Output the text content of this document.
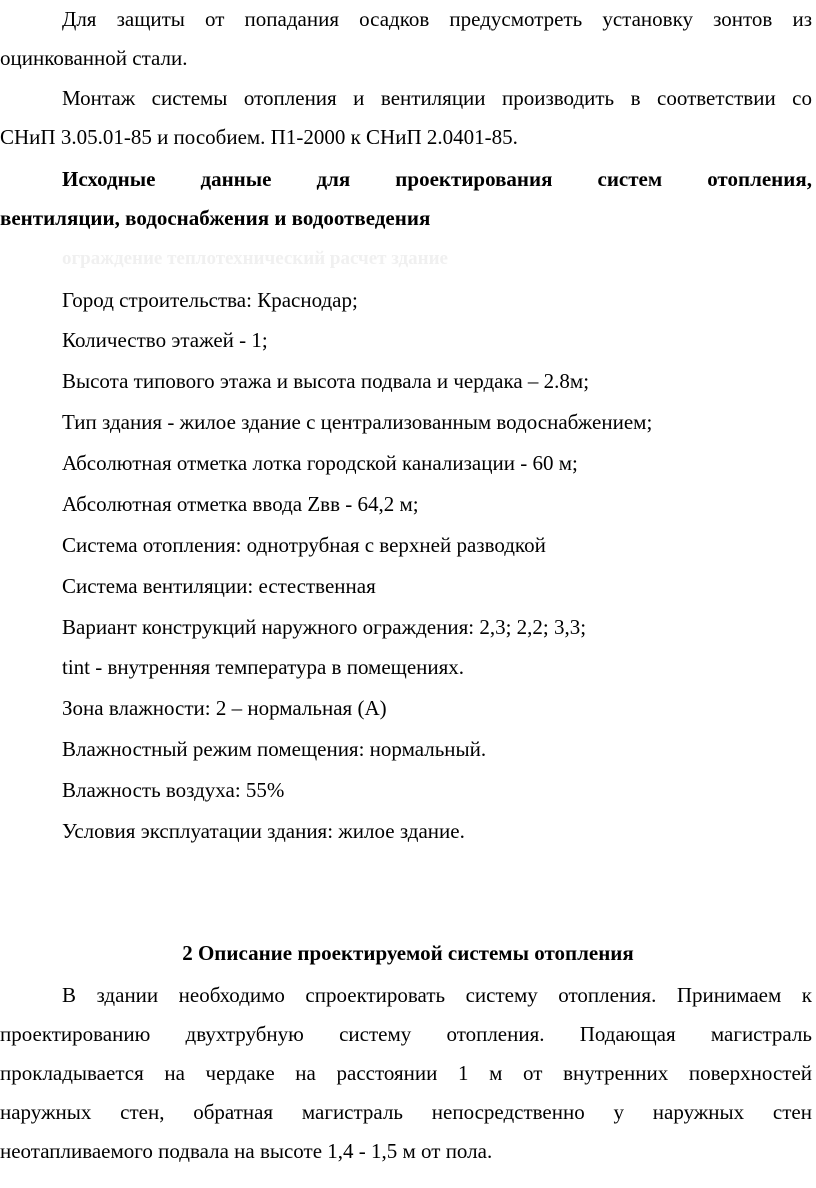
Для защиты от попадания осадков предусмотреть установку зонтов из
оцинкованной стали.
Монтаж системы отопления и вентиляции производить в соответствии со
СНиП 3.05.01-85 и пособием. П1-2000 к СНиП 2.0401-85.
Исходные данные для проектирования систем отопления,
вентиляции, водоснабжения и водоотведения
ограждение теплотехнический расчет здание
Город строительства: Краснодар;
Количество этажей - 1;
Высота типового этажа и высота подвала и чердака – 2.8м;
Тип здания - жилое здание с централизованным водоснабжением;
Абсолютная отметка лотка городской канализации - 60 м;
Абсолютная отметка ввода Zвв - 64,2 м;
Система отопления: однотрубная с верхней разводкой
Система вентиляции: естественная
Вариант конструкций наружного ограждения: 2,3; 2,2; 3,3;
tint - внутренняя температура в помещениях.
Зона влажности: 2 – нормальная (А)
Влажностный режим помещения: нормальный.
Влажность воздуха: 55%
Условия эксплуатации здания: жилое здание.
2 Описание проектируемой системы отопления
В здании необходимо спроектировать систему отопления. Принимаем к
проектированию двухтрубную систему отопления. Подающая магистраль
прокладывается на чердаке на расстоянии 1 м от внутренних поверхностей
наружных стен, обратная магистраль непосредственно у наружных стен
неотапливаемого подвала на высоте 1,4 - 1,5 м от пола.
